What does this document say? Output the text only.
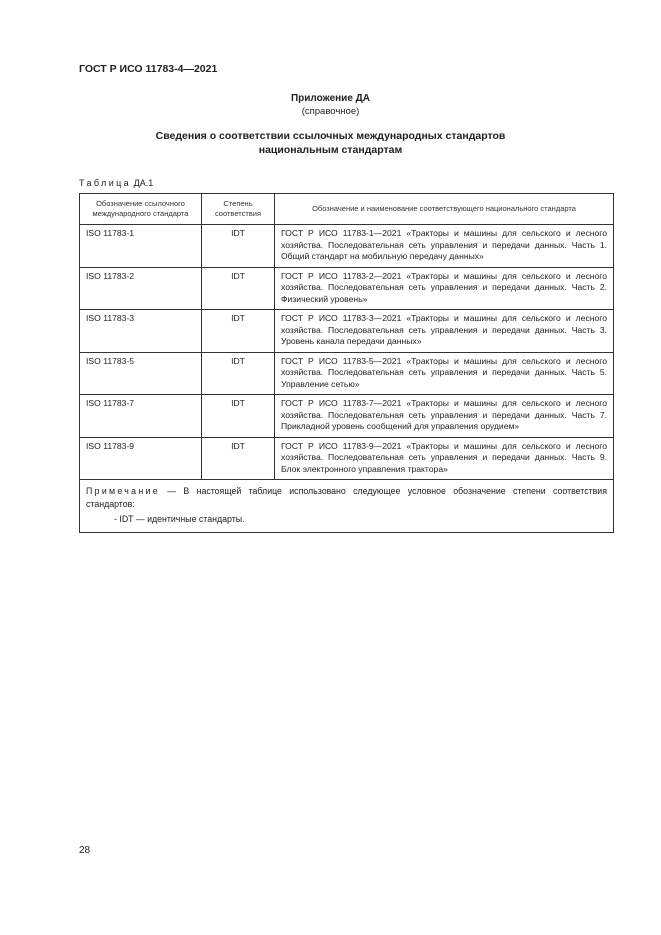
ГОСТ Р ИСО 11783-4—2021
Приложение ДА
(справочное)
Сведения о соответствии ссылочных международных стандартов
национальным стандартам
Таблица ДА.1
Обозначение ссылочного международного стандарта	Степень соответствия	Обозначение и наименование соответствующего национального стандарта
ISO 11783-1	IDT	ГОСТ Р ИСО 11783-1—2021 «Тракторы и машины для сельского и лесного хозяйства. Последовательная сеть управления и передачи данных. Часть 1. Общий стандарт на мобильную передачу данных»
ISO 11783-2	IDT	ГОСТ Р ИСО 11783-2—2021 «Тракторы и машины для сельского и лесного хозяйства. Последовательная сеть управления и передачи данных. Часть 2. Физический уровень»
ISO 11783-3	IDT	ГОСТ Р ИСО 11783-3—2021 «Тракторы и машины для сельского и лесного хозяйства. Последовательная сеть управления и передачи данных. Часть 3. Уровень канала передачи данных»
ISO 11783-5	IDT	ГОСТ Р ИСО 11783-5—2021 «Тракторы и машины для сельского и лесного хозяйства. Последовательная сеть управления и передачи данных. Часть 5. Управление сетью»
ISO 11783-7	IDT	ГОСТ Р ИСО 11783-7—2021 «Тракторы и машины для сельского и лесного хозяйства. Последовательная сеть управления и передачи данных. Часть 7. Прикладной уровень сообщений для управления орудием»
ISO 11783-9	IDT	ГОСТ Р ИСО 11783-9—2021 «Тракторы и машины для сельского и лесного хозяйства. Последовательная сеть управления и передачи данных. Часть 9. Блок электронного управления трактора»
Примечание — В настоящей таблице использовано следующее условное обозначение степени соответствия стандартов:
- IDT — идентичные стандарты.		
28
